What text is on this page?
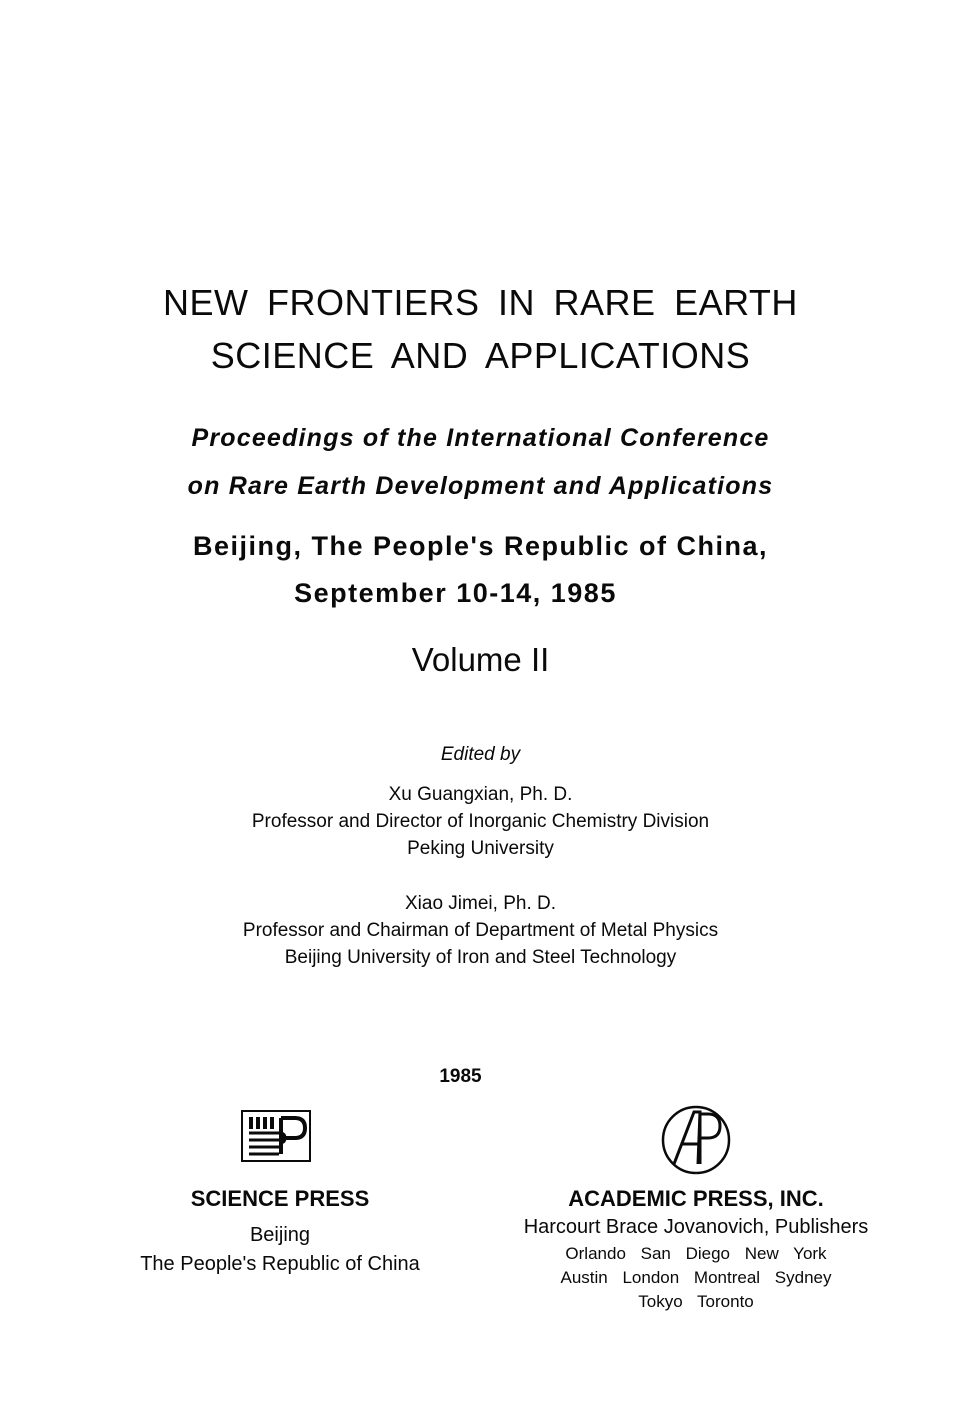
NEW FRONTIERS IN RARE EARTH
SCIENCE AND APPLICATIONS
Proceedings of the International Conference
on Rare Earth Development and Applications
Beijing, The People's Republic of China,
September 10-14, 1985
Volume II
Edited by
Xu Guangxian, Ph. D.
Professor and Director of Inorganic Chemistry Division
Peking University
Xiao Jimei, Ph. D.
Professor and Chairman of Department of Metal Physics
Beijing University of Iron and Steel Technology
1985
AP
SCIENCE PRESS
Beijing
The People's Republic of China
ACADEMIC PRESS, INC.
Harcourt Brace Jovanovich, Publishers
Orlando San Diego New York
Austin London Montreal Sydney
Tokyo Toronto
